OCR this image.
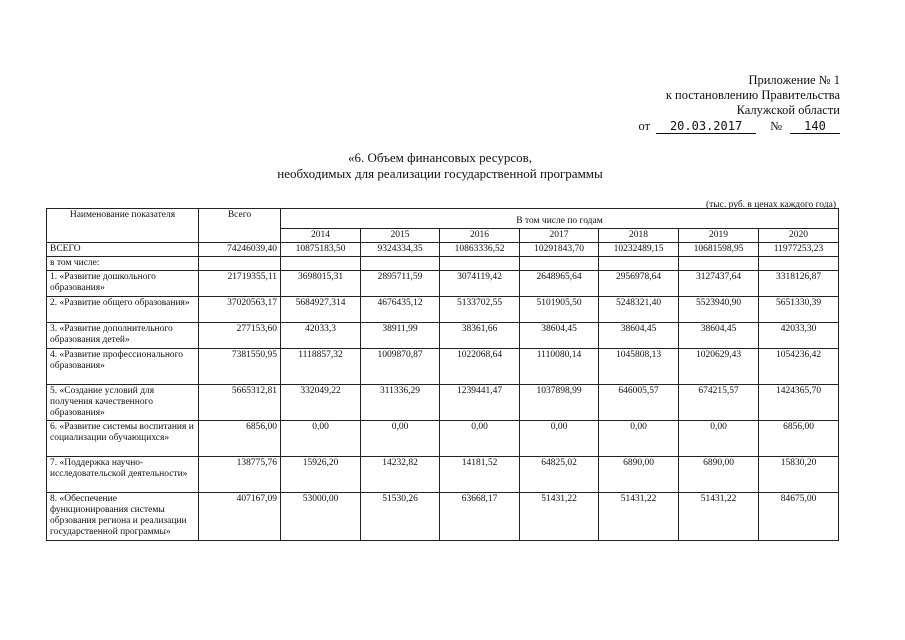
Приложение № 1
к постановлению Правительства
Калужской области
от	20.03.2017	№	140
«6. Объем финансовых ресурсов,
необходимых для реализации государственной программы
(тыс. руб. в ценах каждого года)
Наименование показателя	Всего	В том числе по годам						
		2014	2015	2016	2017	2018	2019	2020
ВСЕГО	74246039,40	10875183,50	9324334,35	10863336,52	10291843,70	10232489,15	10681598,95	11977253,23
в том числе:								
1. «Развитие дошкольного образования»	21719355,11	3698015,31	2895711,59	3074119,42	2648965,64	2956978,64	3127437,64	3318126,87
2. «Развитие общего образования»	37020563,17	5684927,314	4676435,12	5133702,55	5101905,50	5248321,40	5523940,90	5651330,39
3. «Развитие дополнительного образования детей»	277153,60	42033,3	38911,99	38361,66	38604,45	38604,45	38604,45	42033,30
4. «Развитие профессионального образования»	7381550,95	1118857,32	1009870,87	1022068,64	1110080,14	1045808,13	1020629,43	1054236,42
5. «Создание условий для получения качественного образования»	5665312,81	332049,22	311336,29	1239441,47	1037898,99	646005,57	674215,57	1424365,70
6. «Развитие системы воспитания и социализации обучающихся»	6856,00	0,00	0,00	0,00	0,00	0,00	0,00	6856,00
7. «Поддержка научно-исследовательской деятельности»	138775,76	15926,20	14232,82	14181,52	64825,02	6890,00	6890,00	15830,20
8. «Обеспечение функционирования системы обрзования региона и реализации государственной программы»	407167,09	53000,00	51530,26	63668,17	51431,22	51431,22	51431,22	84675,00
